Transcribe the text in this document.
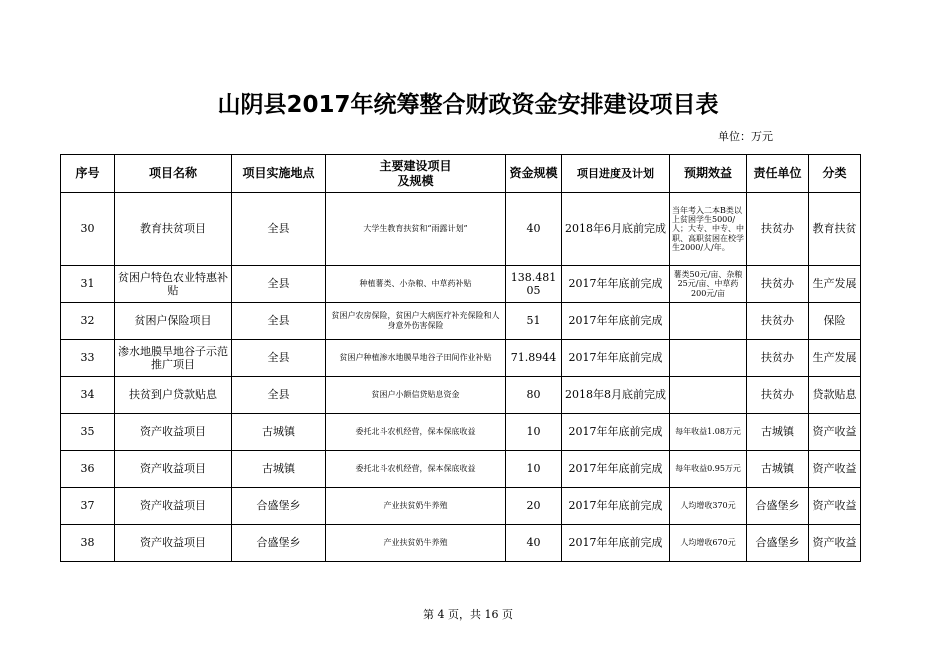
山阴县2017年统筹整合财政资金安排建设项目表
单位：万元
序号	项目名称	项目实施地点	主要建设项目
及规模	资金规模	项目进度及计划	预期效益	责任单位	分类
30	教育扶贫项目	全县	大学生教育扶贫和“雨露计划”	40	2018年6月底前完成	当年考入二本B类以上贫困学生5000/人；大专、中专、中职、高职贫困在校学生2000/人/年。	扶贫办	教育扶贫
31	贫困户特色农业特惠补贴	全县	种植薯类、小杂粮、中草药补贴	138.48105	2017年年底前完成	薯类50元/亩、杂粮25元/亩、中草药200元/亩	扶贫办	生产发展
32	贫困户保险项目	全县	贫困户农房保险，贫困户大病医疗补充保险和人身意外伤害保险	51	2017年年底前完成		扶贫办	保险
33	渗水地膜旱地谷子示范推广项目	全县	贫困户种植渗水地膜旱地谷子田间作业补贴	71.8944	2017年年底前完成		扶贫办	生产发展
34	扶贫到户贷款贴息	全县	贫困户小额信贷贴息资金	80	2018年8月底前完成		扶贫办	贷款贴息
35	资产收益项目	古城镇	委托北斗农机经营，保本保底收益	10	2017年年底前完成	每年收益1.08万元	古城镇	资产收益
36	资产收益项目	古城镇	委托北斗农机经营，保本保底收益	10	2017年年底前完成	每年收益0.95万元	古城镇	资产收益
37	资产收益项目	合盛堡乡	产业扶贫奶牛养殖	20	2017年年底前完成	人均增收370元	合盛堡乡	资产收益
38	资产收益项目	合盛堡乡	产业扶贫奶牛养殖	40	2017年年底前完成	人均增收670元	合盛堡乡	资产收益
第 4 页，共 16 页
